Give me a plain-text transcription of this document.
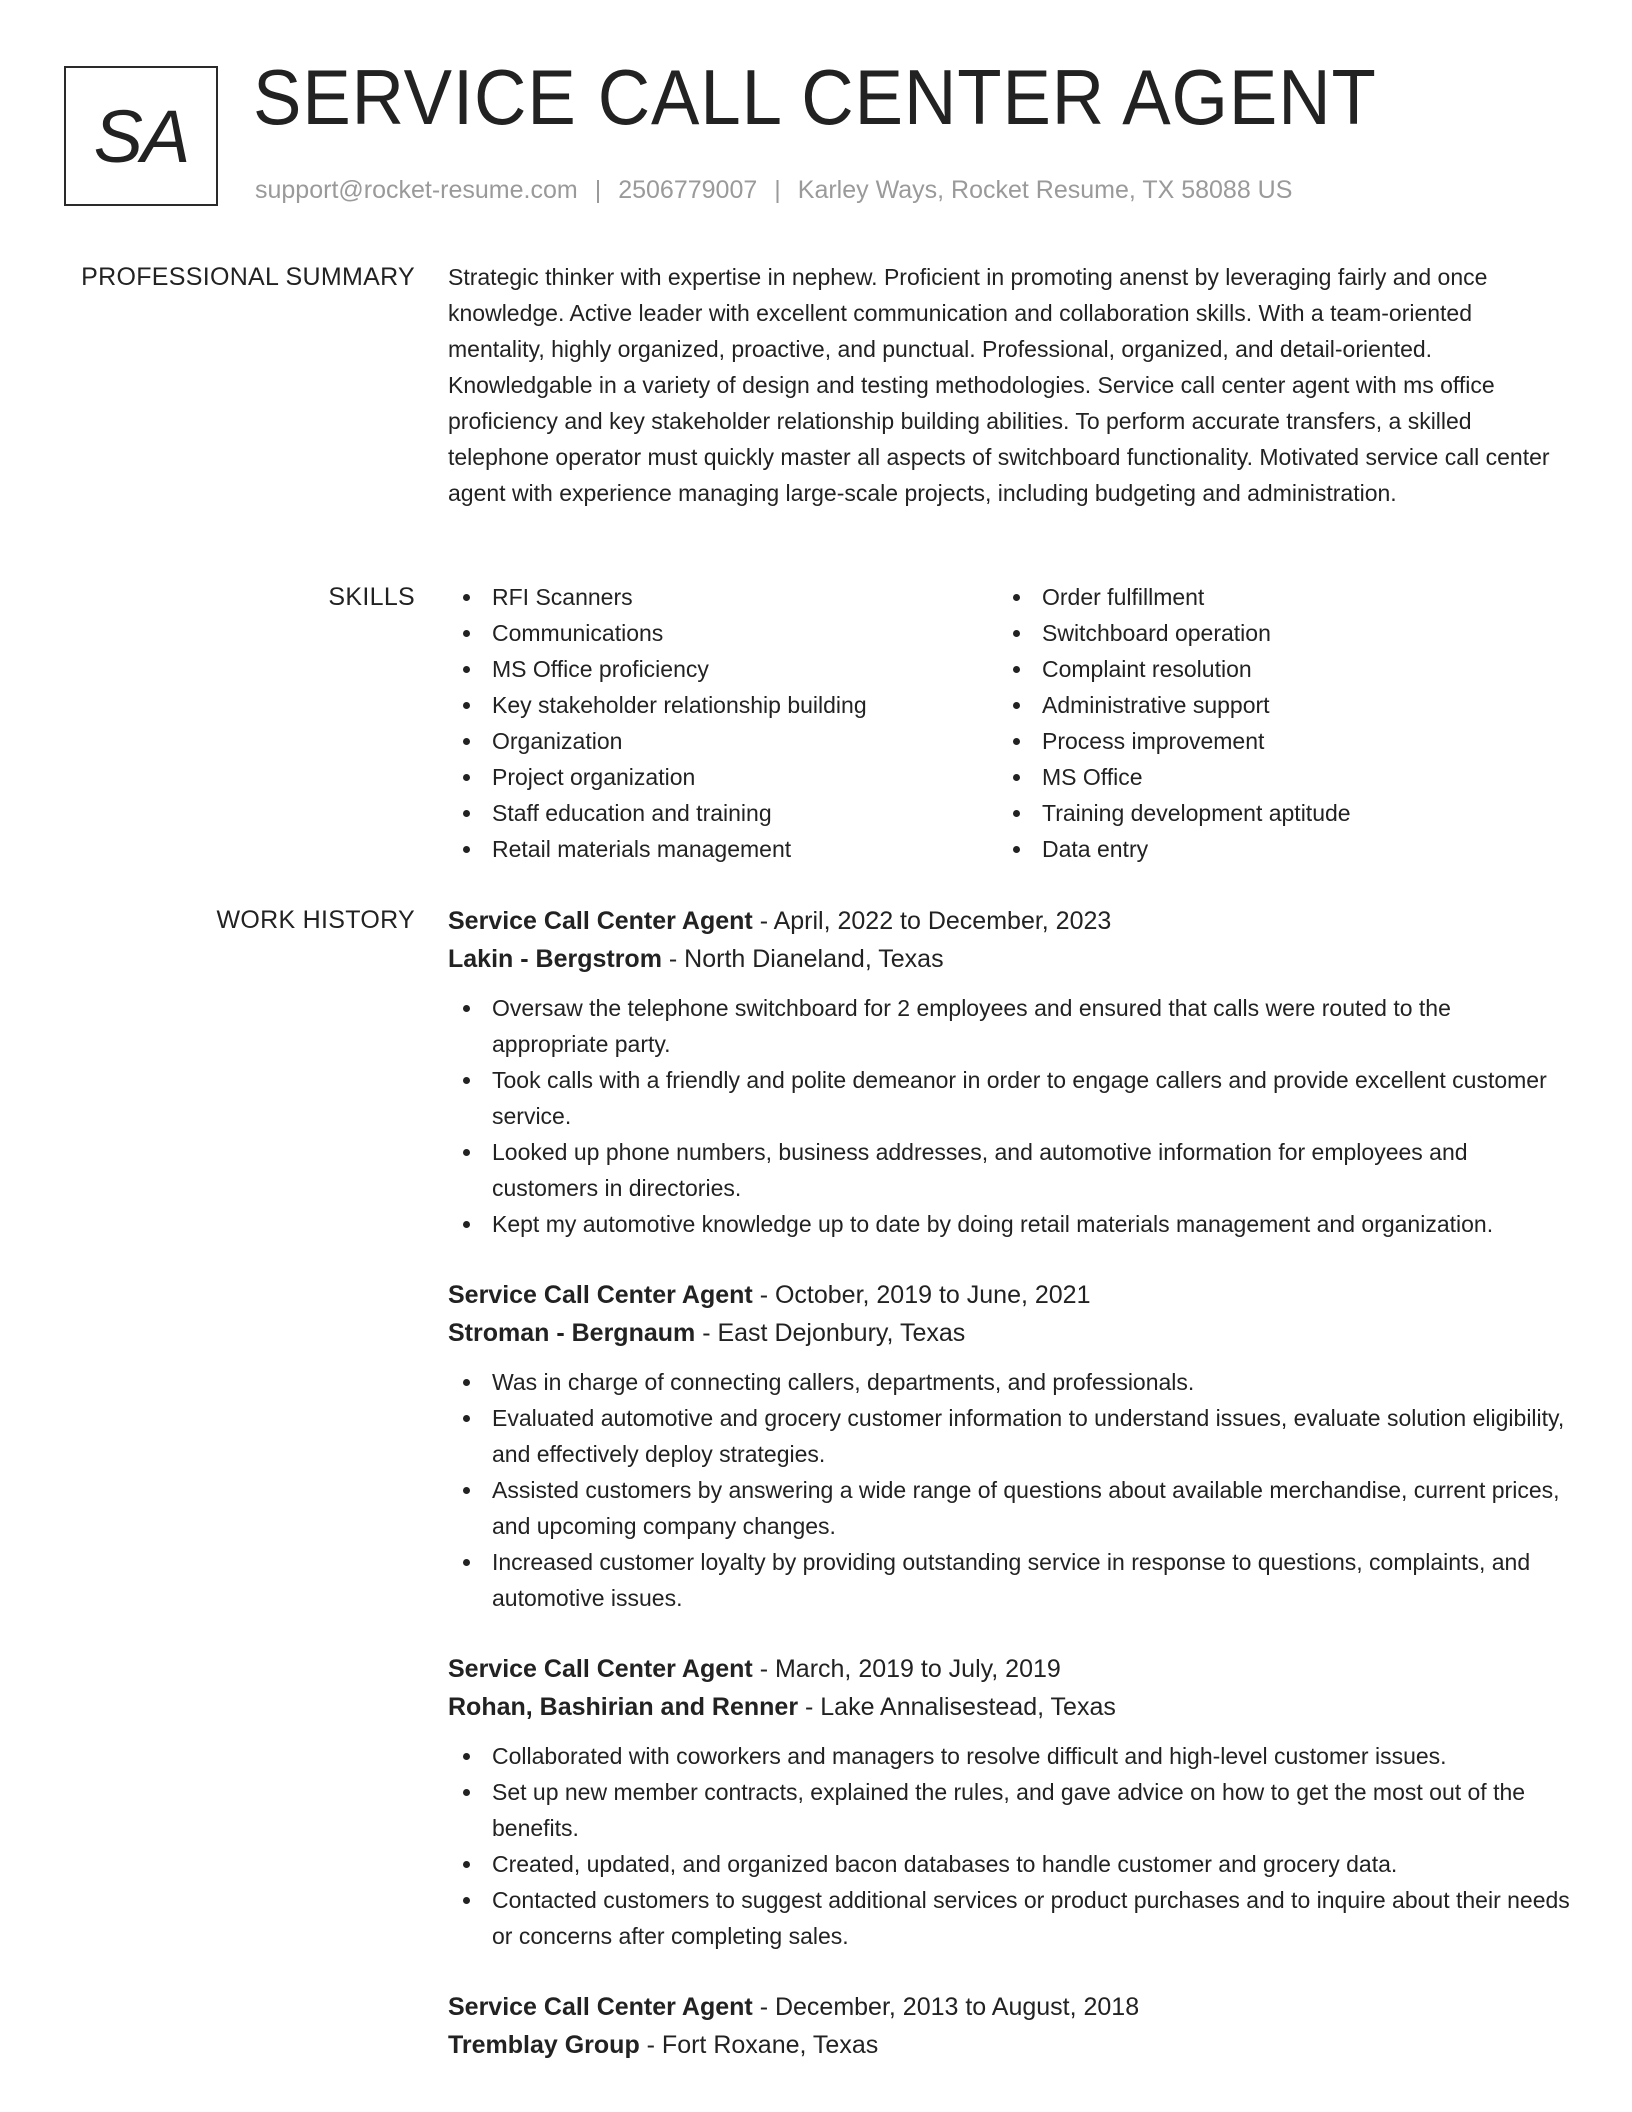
SA SERVICE CALL CENTER AGENT
support@rocket-resume.com | 2506779007 | Karley Ways, Rocket Resume, TX 58088 US
PROFESSIONAL SUMMARY Strategic thinker with expertise in nephew. Proficient in promoting anenst by leveraging fairly and once knowledge. Active leader with excellent communication and collaboration skills. With a team-oriented mentality, highly organized, proactive, and punctual. Professional, organized, and detail-oriented. Knowledgable in a variety of design and testing methodologies. Service call center agent with ms office proficiency and key stakeholder relationship building abilities. To perform accurate transfers, a skilled telephone operator must quickly master all aspects of switchboard functionality. Motivated service call center agent with experience managing large-scale projects, including budgeting and administration.

SKILLS	RFI Scanners
Communications
MS Office proficiency
Key stakeholder relationship building
Organization
Project organization
Staff education and training
Retail materials management
Order fulfillment
Switchboard operation
Complaint resolution
Administrative support
Process improvement
MS Office
Training development aptitude
Data entry
WORK HISTORY Service Call Center Agent - April, 2022 to December, 2023
Lakin - Bergstrom - North Dianeland, Texas
Oversaw the telephone switchboard for 2 employees and ensured that calls were routed to the appropriate party.
Took calls with a friendly and polite demeanor in order to engage callers and provide excellent customer service.
Looked up phone numbers, business addresses, and automotive information for employees and customers in directories.
Kept my automotive knowledge up to date by doing retail materials management and organization.
Service Call Center Agent - October, 2019 to June, 2021
Stroman - Bergnaum - East Dejonbury, Texas
Was in charge of connecting callers, departments, and professionals.
Evaluated automotive and grocery customer information to understand issues, evaluate solution eligibility, and effectively deploy strategies.
Assisted customers by answering a wide range of questions about available merchandise, current prices, and upcoming company changes.
Increased customer loyalty by providing outstanding service in response to questions, complaints, and automotive issues.
Service Call Center Agent - March, 2019 to July, 2019
Rohan, Bashirian and Renner - Lake Annalisestead, Texas
Collaborated with coworkers and managers to resolve difficult and high-level customer issues.
Set up new member contracts, explained the rules, and gave advice on how to get the most out of the benefits.
Created, updated, and organized bacon databases to handle customer and grocery data.
Contacted customers to suggest additional services or product purchases and to inquire about their needs or concerns after completing sales.
Service Call Center Agent - December, 2013 to August, 2018
Tremblay Group - Fort Roxane, Texas
